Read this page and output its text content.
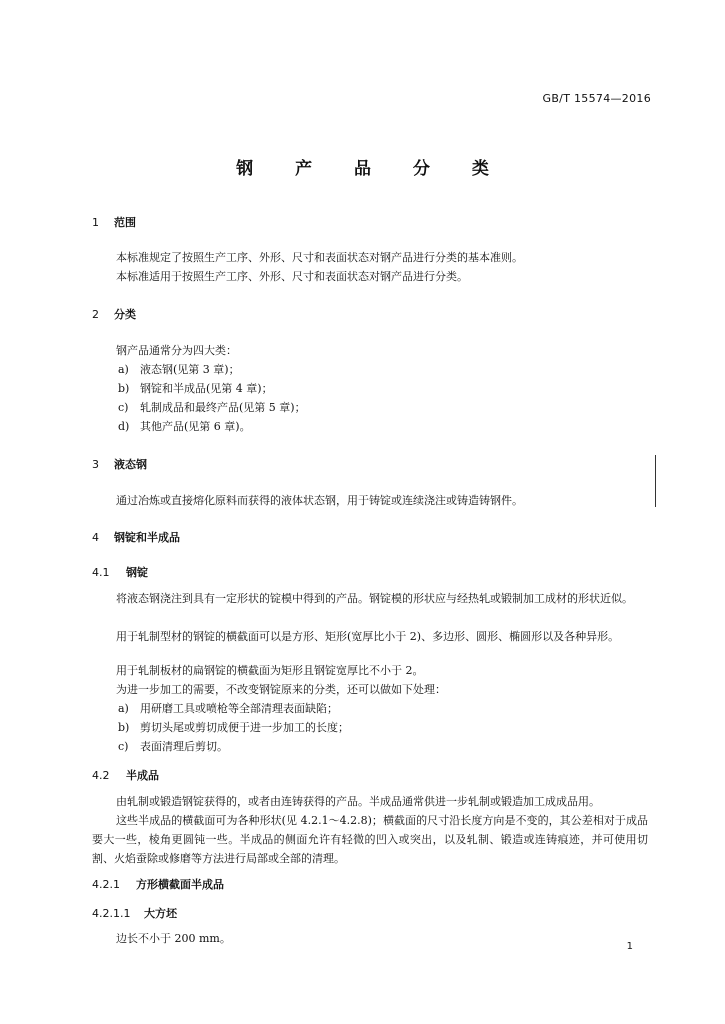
GB/T 15574—2016
钢 产 品 分 类
1 范围
本标准规定了按照生产工序、外形、尺寸和表面状态对钢产品进行分类的基本准则。
本标准适用于按照生产工序、外形、尺寸和表面状态对钢产品进行分类。
2 分类
钢产品通常分为四大类：
a) 液态钢(见第 3 章)；
b) 钢锭和半成品(见第 4 章)；
c) 轧制成品和最终产品(见第 5 章)；
d) 其他产品(见第 6 章)。
3 液态钢
通过冶炼或直接熔化原料而获得的液体状态钢，用于铸锭或连续浇注或铸造铸钢件。
4 钢锭和半成品
4.1 钢锭
将液态钢浇注到具有一定形状的锭模中得到的产品。钢锭模的形状应与经热轧或锻制加工成材的形状近似。
用于轧制型材的钢锭的横截面可以是方形、矩形(宽厚比小于 2)、多边形、圆形、椭圆形以及各种异形。
用于轧制板材的扁钢锭的横截面为矩形且钢锭宽厚比不小于 2。
为进一步加工的需要，不改变钢锭原来的分类，还可以做如下处理：
a) 用研磨工具或喷枪等全部清理表面缺陷；
b) 剪切头尾或剪切成便于进一步加工的长度；
c) 表面清理后剪切。
4.2 半成品
由轧制或锻造钢锭获得的，或者由连铸获得的产品。半成品通常供进一步轧制或锻造加工成成品用。
这些半成品的横截面可为各种形状(见 4.2.1～4.2.8)；横截面的尺寸沿长度方向是不变的，其公差相对于成品要大一些，棱角更圆钝一些。半成品的侧面允许有轻微的凹入或突出，以及轧制、锻造或连铸痕迹，并可使用切割、火焰蚕除或修磨等方法进行局部或全部的清理。
4.2.1 方形横截面半成品
4.2.1.1 大方坯
边长不小于 200 mm。
1
